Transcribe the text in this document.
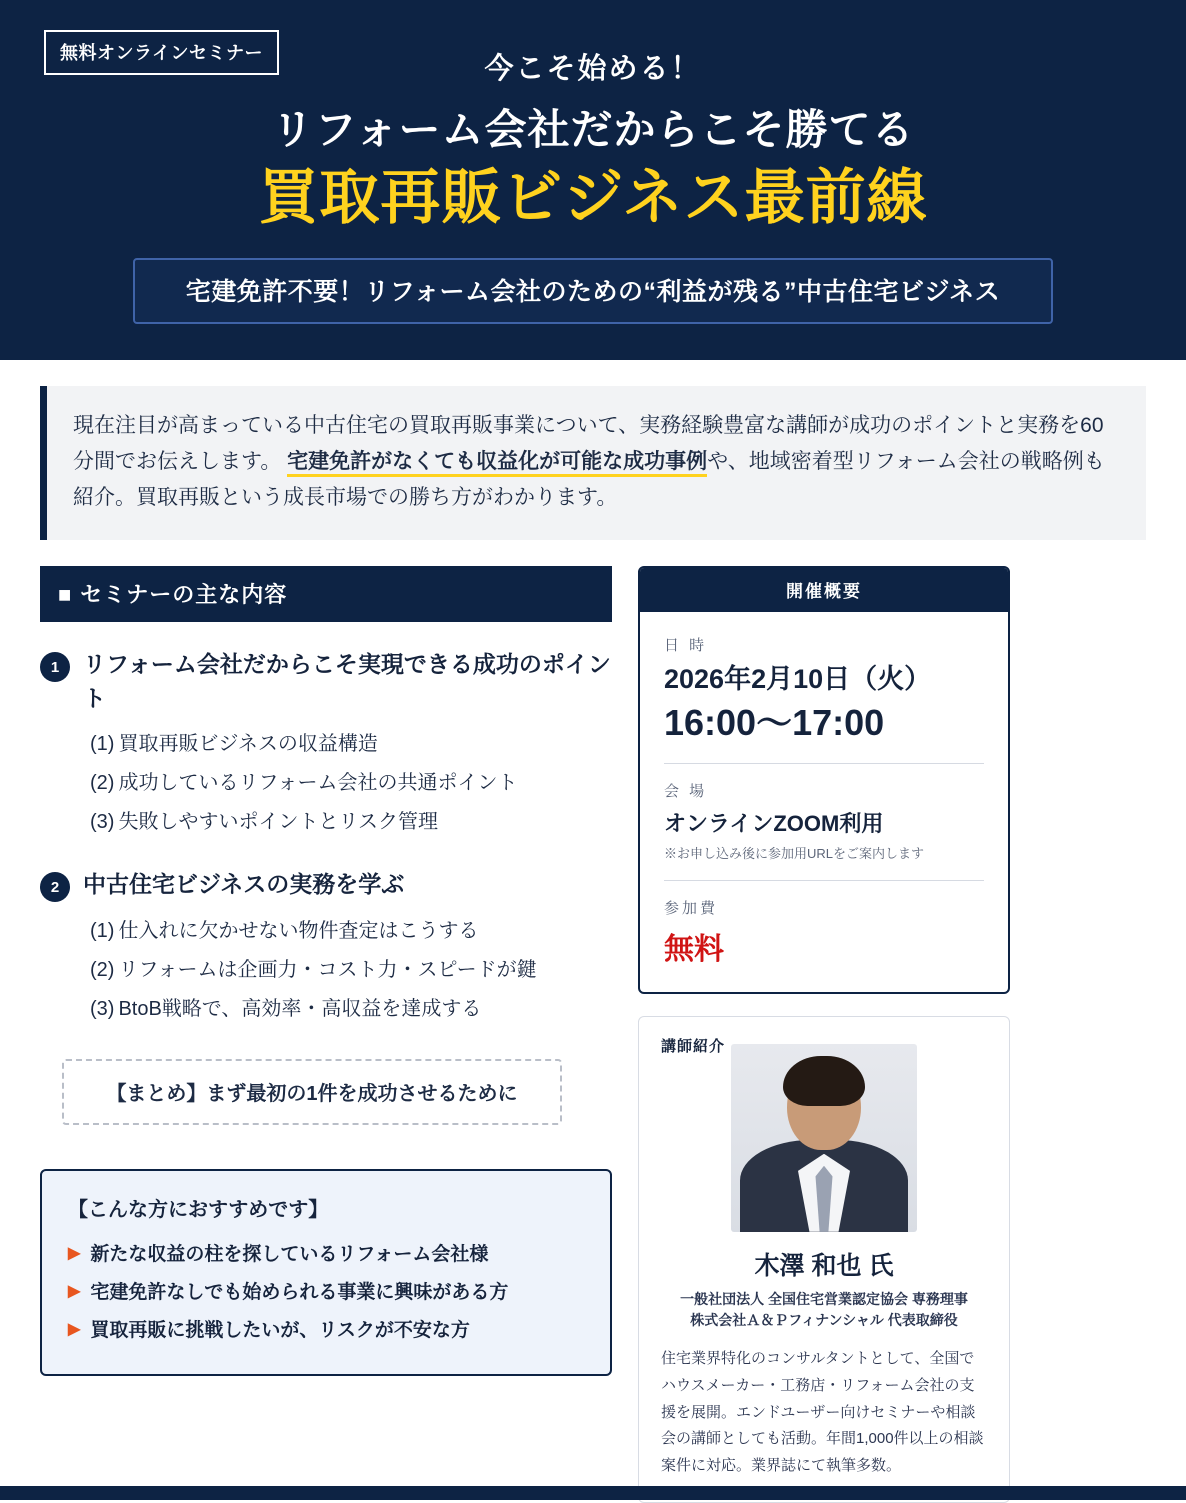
無料オンラインセミナー	今こそ始める！
リフォーム会社だからこそ勝てる
買取再販ビジネス最前線
宅建免許不要！リフォーム会社のための“利益が残る”中古住宅ビジネス
現在注目が高まっている中古住宅の買取再販事業について、実務経験豊富な講師が成功のポイントと実務を60分間でお伝えします。 宅建免許がなくても収益化が可能な成功事例や、地域密着型リフォーム会社の戦略例も紹介。買取再販という成長市場での勝ち方がわかります。
■ セミナーの主な内容
1	リフォーム会社だからこそ実現できる成功のポイント
(1) 買取再販ビジネスの収益構造
(2) 成功しているリフォーム会社の共通ポイント
(3) 失敗しやすいポイントとリスク管理
2	中古住宅ビジネスの実務を学ぶ
(1) 仕入れに欠かせない物件査定はこうする
(2) リフォームは企画力・コスト力・スピードが鍵
(3) BtoB戦略で、高効率・高収益を達成する
【まとめ】まず最初の1件を成功させるために
【こんな方におすすめです】
▶ 新たな収益の柱を探しているリフォーム会社様
▶ 宅建免許なしでも始められる事業に興味がある方
▶ 買取再販に挑戦したいが、リスクが不安な方
開催概要
日 時
2026年2月10日（火）
16:00〜17:00
会 場
オンラインZOOM利用
※お申し込み後に参加用URLをご案内します
参加費
無料
講師紹介
木澤 和也 氏
一般社団法人 全国住宅営業認定協会 専務理事
株式会社Ａ＆Ｐフィナンシャル 代表取締役
住宅業界特化のコンサルタントとして、全国でハウスメーカー・工務店・リフォーム会社の支援を展開。エンドユーザー向けセミナーや相談会の講師としても活動。年間1,000件以上の相談案件に対応。業界誌にて執筆多数。
